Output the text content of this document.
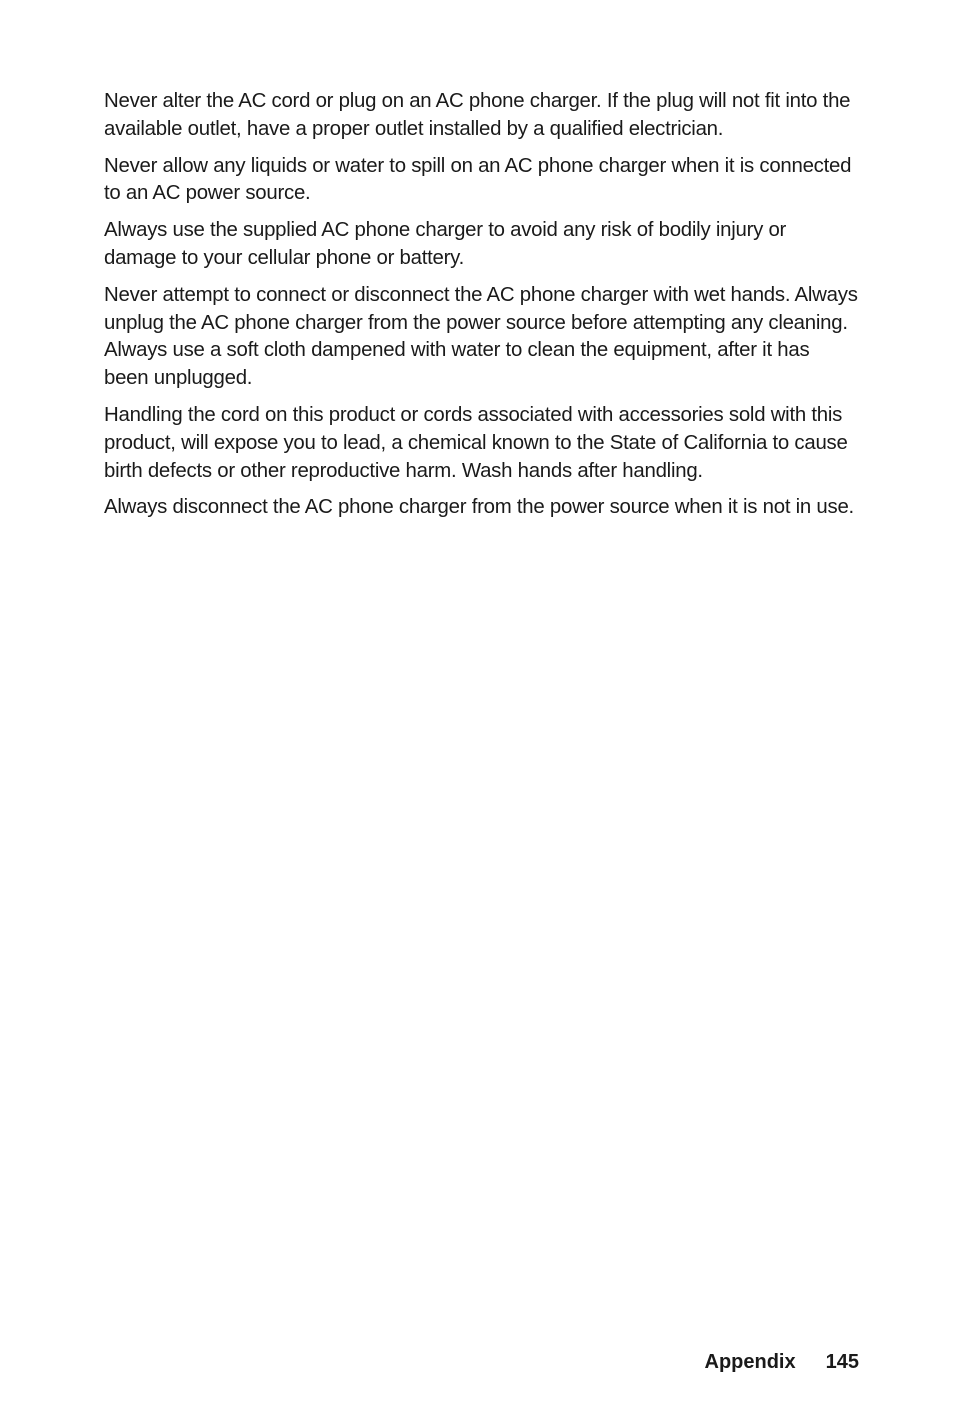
Never alter the AC cord or plug on an AC phone charger. If the plug will not fit into the available outlet, have a proper outlet installed by a qualified electrician.

Never allow any liquids or water to spill on an AC phone charger when it is connected to an AC power source.

Always use the supplied AC phone charger to avoid any risk of bodily injury or damage to your cellular phone or battery.

Never attempt to connect or disconnect the AC phone charger with wet hands. Always unplug the AC phone charger from the power source before attempting any cleaning. Always use a soft cloth dampened with water to clean the equipment, after it has been unplugged.

Handling the cord on this product or cords associated with accessories sold with this product, will expose you to lead, a chemical known to the State of California to cause birth defects or other reproductive harm. Wash hands after handling.

Always disconnect the AC phone charger from the power source when it is not in use.

Appendix 145
